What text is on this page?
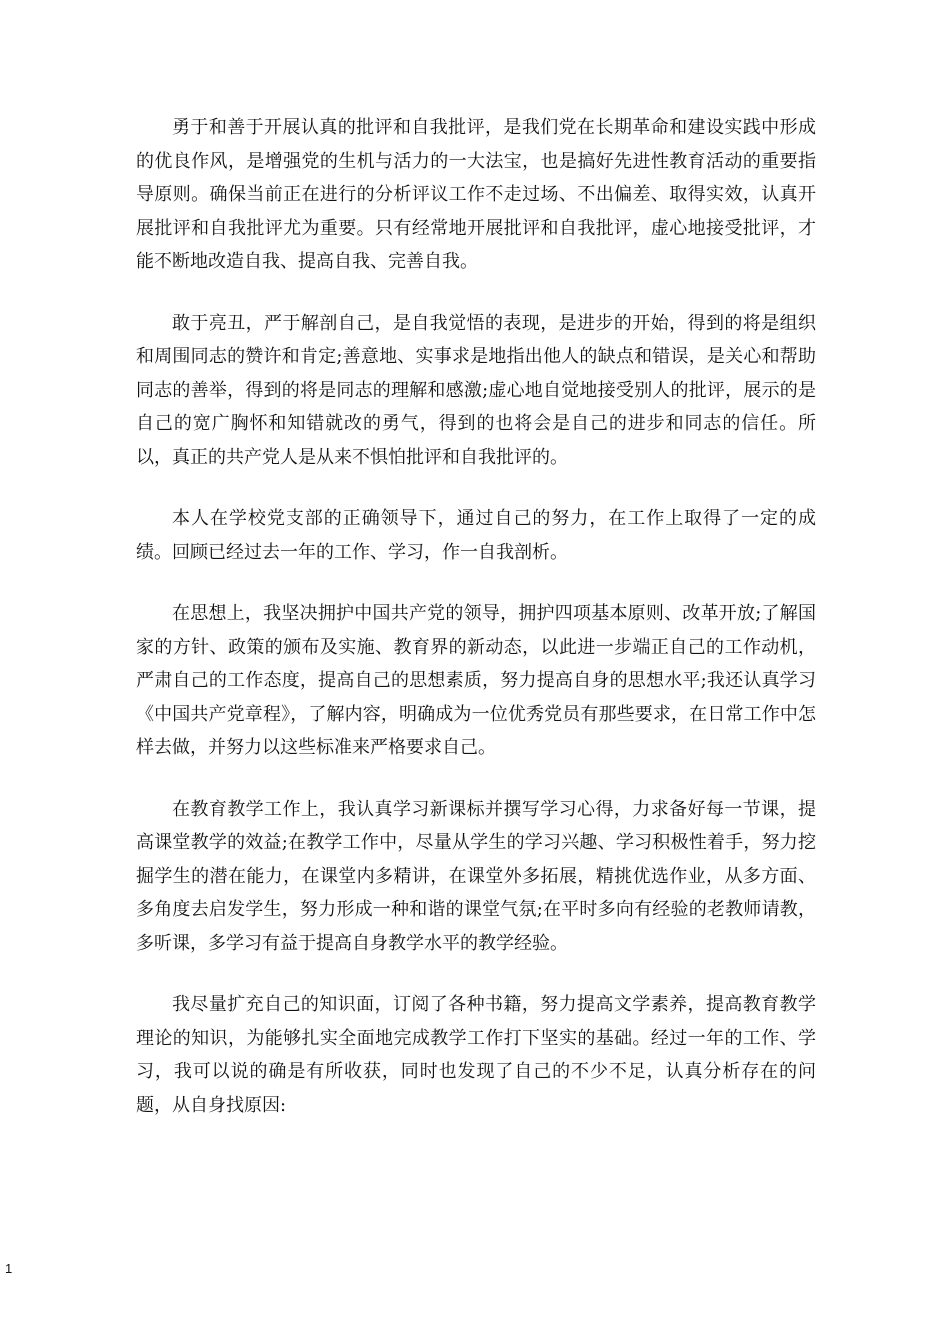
勇于和善于开展认真的批评和自我批评，是我们党在长期革命和建设实践中形成的优良作风，是增强党的生机与活力的一大法宝，也是搞好先进性教育活动的重要指导原则。确保当前正在进行的分析评议工作不走过场、不出偏差、取得实效，认真开展批评和自我批评尤为重要。只有经常地开展批评和自我批评，虚心地接受批评，才能不断地改造自我、提高自我、完善自我。

敢于亮丑，严于解剖自己，是自我觉悟的表现，是进步的开始，得到的将是组织和周围同志的赞许和肯定;善意地、实事求是地指出他人的缺点和错误，是关心和帮助同志的善举，得到的将是同志的理解和感激;虚心地自觉地接受别人的批评，展示的是自己的宽广胸怀和知错就改的勇气，得到的也将会是自己的进步和同志的信任。所以，真正的共产党人是从来不惧怕批评和自我批评的。

本人在学校党支部的正确领导下，通过自己的努力，在工作上取得了一定的成绩。回顾已经过去一年的工作、学习，作一自我剖析。

在思想上，我坚决拥护中国共产党的领导，拥护四项基本原则、改革开放;了解国家的方针、政策的颁布及实施、教育界的新动态，以此进一步端正自己的工作动机，严肃自己的工作态度，提高自己的思想素质，努力提高自身的思想水平;我还认真学习《中国共产党章程》，了解内容，明确成为一位优秀党员有那些要求，在日常工作中怎样去做，并努力以这些标准来严格要求自己。

在教育教学工作上，我认真学习新课标并撰写学习心得，力求备好每一节课，提高课堂教学的效益;在教学工作中，尽量从学生的学习兴趣、学习积极性着手，努力挖掘学生的潜在能力，在课堂内多精讲，在课堂外多拓展，精挑优选作业，从多方面、多角度去启发学生，努力形成一种和谐的课堂气氛;在平时多向有经验的老教师请教，多听课，多学习有益于提高自身教学水平的教学经验。

我尽量扩充自己的知识面，订阅了各种书籍，努力提高文学素养，提高教育教学理论的知识，为能够扎实全面地完成教学工作打下坚实的基础。经过一年的工作、学习，我可以说的确是有所收获，同时也发现了自己的不少不足，认真分析存在的问题，从自身找原因:

1
